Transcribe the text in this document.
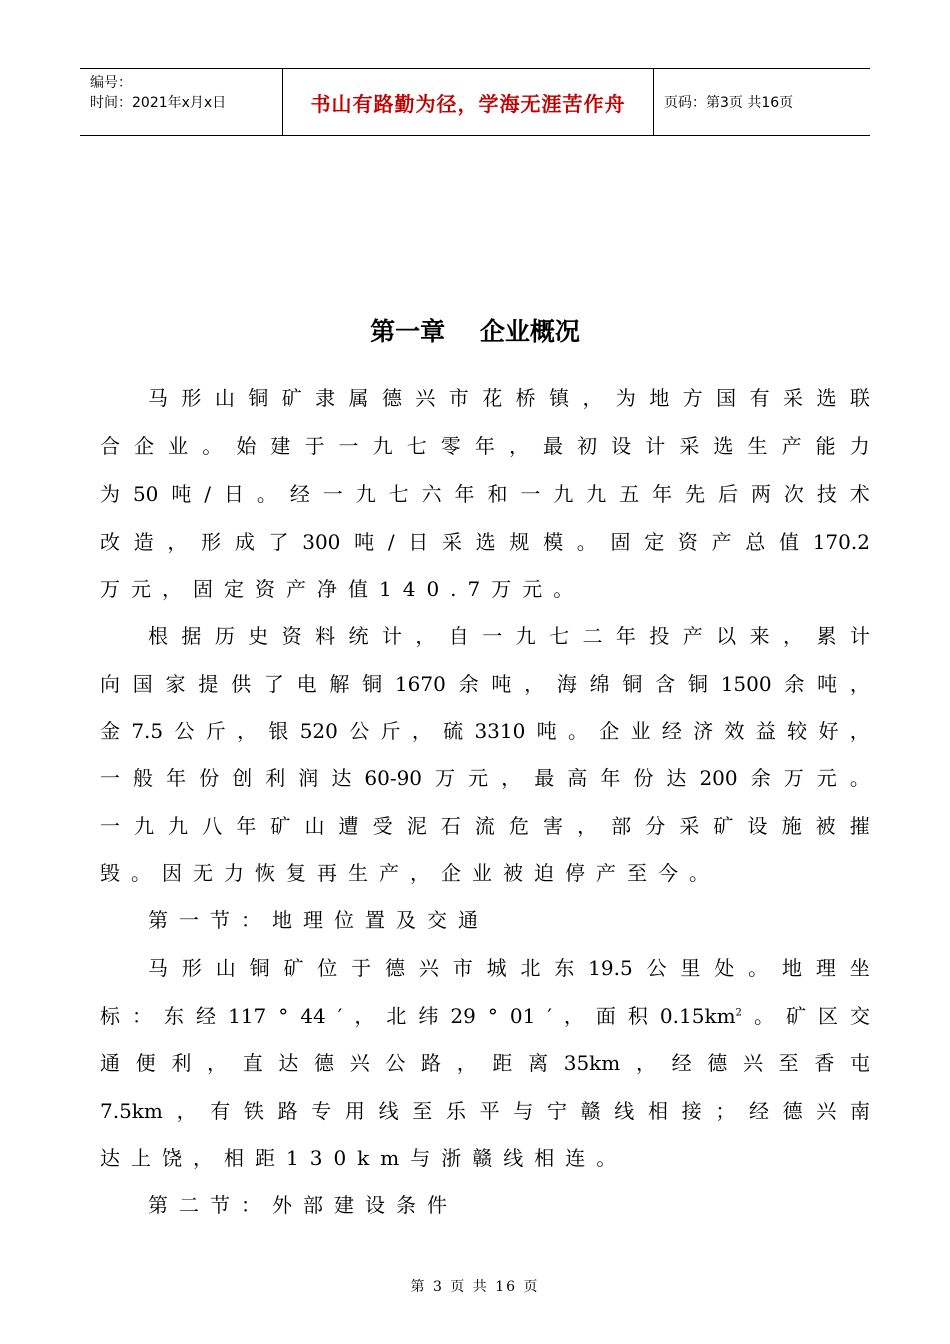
编号：
时间：2021年x月x日	书山有路勤为径，学海无涯苦作舟	页码：第3页 共16页
第一章    企业概况
马 形 山 铜 矿 隶 属 德 兴 市 花 桥 镇 ， 为 地 方 国 有 采 选 联
合 企 业 。 始 建 于 一 九 七 零 年 ， 最 初 设 计 采 选 生 产 能 力
为 50 吨 / 日 。 经 一 九 七 六 年 和 一 九 九 五 年 先 后 两 次 技 术
改 造 ， 形 成 了 300 吨 / 日 采 选 规 模 。 固 定 资 产 总 值 170.2
万元，固定资产净值140.7万元。
根 据 历 史 资 料 统 计 ， 自 一 九 七 二 年 投 产 以 来 ， 累 计
向 国 家 提 供 了 电 解 铜 1670 余 吨 ， 海 绵 铜 含 铜 1500 余 吨 ，
金 7.5 公 斤 ， 银 520 公 斤 ， 硫 3310 吨 。 企 业 经 济 效 益 较 好 ，
一 般 年 份 创 利 润 达 60-90 万 元 ， 最 高 年 份 达 200 余 万 元 。
一 九 九 八 年 矿 山 遭 受 泥 石 流 危 害 ， 部 分 采 矿 设 施 被 摧
毁。因无力恢复再生产，企业被迫停产至今。
第一节：地理位置及交通
马 形 山 铜 矿 位 于 德 兴 市 城 北 东 19.5 公 里 处 。 地 理 坐
标 ： 东 经 117 ° 44 ′ ， 北 纬 29 ° 01 ′ ， 面 积 $0.15km^2$ 。 矿 区 交
通 便 利 ， 直 达 德 兴 公 路 ， 距 离 35km ， 经 德 兴 至 香 屯
7.5km ， 有 铁 路 专 用 线 至 乐 平 与 宁 赣 线 相 接 ； 经 德 兴 南
达上饶，相距130km与浙赣线相连。
第二节：外部建设条件
第 3 页 共 16 页
